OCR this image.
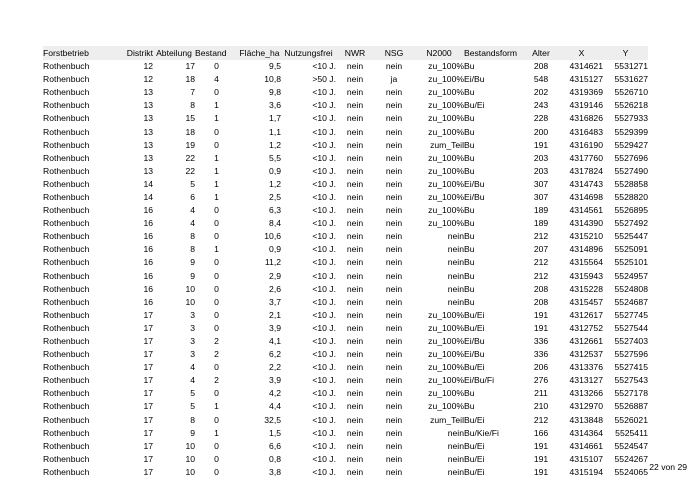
Forstbetrieb	Distrikt	Abteilung	Bestand	Fläche_ha	Nutzungsfrei	NWR	NSG	N2000	Bestandsform	Alter	X	Y
Rothenbuch	12	17	0	9,5	<10 J.	nein	nein	zu_100%	Bu	208	4314621	5531271
Rothenbuch	12	18	4	10,8	>50 J.	nein	ja	zu_100%	Ei/Bu	548	4315127	5531627
Rothenbuch	13	7	0	9,8	<10 J.	nein	nein	zu_100%	Bu	202	4319369	5526710
Rothenbuch	13	8	1	3,6	<10 J.	nein	nein	zu_100%	Bu/Ei	243	4319146	5526218
Rothenbuch	13	15	1	1,7	<10 J.	nein	nein	zu_100%	Bu	228	4316826	5527933
Rothenbuch	13	18	0	1,1	<10 J.	nein	nein	zu_100%	Bu	200	4316483	5529399
Rothenbuch	13	19	0	1,2	<10 J.	nein	nein	zum_Teil	Bu	191	4316190	5529427
Rothenbuch	13	22	1	5,5	<10 J.	nein	nein	zu_100%	Bu	203	4317760	5527696
Rothenbuch	13	22	1	0,9	<10 J.	nein	nein	zu_100%	Bu	203	4317824	5527490
Rothenbuch	14	5	1	1,2	<10 J.	nein	nein	zu_100%	Ei/Bu	307	4314743	5528858
Rothenbuch	14	6	1	2,5	<10 J.	nein	nein	zu_100%	Ei/Bu	307	4314698	5528820
Rothenbuch	16	4	0	6,3	<10 J.	nein	nein	zu_100%	Bu	189	4314561	5526895
Rothenbuch	16	4	0	8,4	<10 J.	nein	nein	zu_100%	Bu	189	4314390	5527492
Rothenbuch	16	8	0	10,6	<10 J.	nein	nein	nein	Bu	212	4315210	5525447
Rothenbuch	16	8	1	0,9	<10 J.	nein	nein	nein	Bu	207	4314896	5525091
Rothenbuch	16	9	0	11,2	<10 J.	nein	nein	nein	Bu	212	4315564	5525101
Rothenbuch	16	9	0	2,9	<10 J.	nein	nein	nein	Bu	212	4315943	5524957
Rothenbuch	16	10	0	2,6	<10 J.	nein	nein	nein	Bu	208	4315228	5524808
Rothenbuch	16	10	0	3,7	<10 J.	nein	nein	nein	Bu	208	4315457	5524687
Rothenbuch	17	3	0	2,1	<10 J.	nein	nein	zu_100%	Bu/Ei	191	4312617	5527745
Rothenbuch	17	3	0	3,9	<10 J.	nein	nein	zu_100%	Bu/Ei	191	4312752	5527544
Rothenbuch	17	3	2	4,1	<10 J.	nein	nein	zu_100%	Ei/Bu	336	4312661	5527403
Rothenbuch	17	3	2	6,2	<10 J.	nein	nein	zu_100%	Ei/Bu	336	4312537	5527596
Rothenbuch	17	4	0	2,2	<10 J.	nein	nein	zu_100%	Bu/Ei	206	4313376	5527415
Rothenbuch	17	4	2	3,9	<10 J.	nein	nein	zu_100%	Ei/Bu/Fi	276	4313127	5527543
Rothenbuch	17	5	0	4,2	<10 J.	nein	nein	zu_100%	Bu	211	4313266	5527178
Rothenbuch	17	5	1	4,4	<10 J.	nein	nein	zu_100%	Bu	210	4312970	5526887
Rothenbuch	17	8	0	32,5	<10 J.	nein	nein	zum_Teil	Bu/Ei	212	4313848	5526021
Rothenbuch	17	9	1	1,5	<10 J.	nein	nein	nein	Bu/Kie/Fi	166	4314364	5525411
Rothenbuch	17	10	0	6,6	<10 J.	nein	nein	nein	Bu/Ei	191	4314661	5524547
Rothenbuch	17	10	0	0,8	<10 J.	nein	nein	nein	Bu/Ei	191	4315107	5524267
Rothenbuch	17	10	0	3,8	<10 J.	nein	nein	nein	Bu/Ei	191	4315194	5524065 22 von 29
